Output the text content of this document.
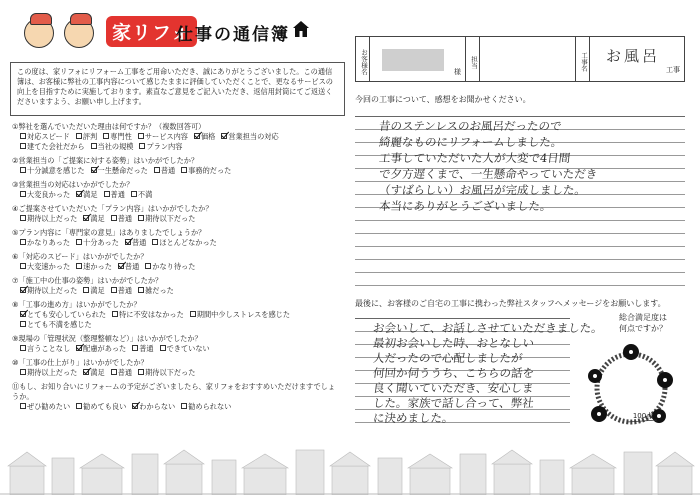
家リフォ
仕事の通信簿
この度は、家リフォにリフォーム工事をご用命いただき、誠にありがとうございました。この通信簿は、お客様に弊社の工事内容について感じたままに評価していただくことで、更なるサービスの向上を目指すために実施しております。素直なご意見をご記入いただき、返信用封筒にてご返送くださいますよう、お願い申し上げます。
①弊社を選んでいただいた理由は何ですか？（複数回答可）
対応スピード 評判 専門性 サービス内容 価格 営業担当の対応建てた会社だから 当社の規模 プラン内容
②営業担当の「ご提案に対する姿勢」はいかがでしたか？
十分誠意を感じた 一生懸命だった 普通 事務的だった
③営業担当の対応はいかがでしたか？
大変良かった 満足 普通 不満
④ご提案させていただいた「プラン内容」はいかがでしたか？
期待以上だった 満足 普通 期待以下だった
⑤プラン内容に「専門家の意見」はありましたでしょうか？
かなりあった 十分あった 普通 ほとんどなかった
⑥「対応のスピード」はいかがでしたか？
大変速かった 速かった 普通 かなり待った
⑦「施工中の仕事の姿勢」はいかがでしたか？
期待以上だった 満足 普通 雑だった
⑧「工事の進め方」はいかがでしたか？
とても安心していられた 特に不安はなかった 期間中少しストレスを感じたとても不満を感じた
⑨現場の「管理状況（整理整頓など）」はいかがでしたか？
言うことなし 配慮があった 普通 できていない
⑩「工事の仕上がり」はいかがでしたか？
期待以上だった 満足 普通 期待以下だった
⑪もし、お知り合いにリフォームの予定がございましたら、家リフォをおすすめいただけますでしょうか。
ぜひ勧めたい 勧めても良い わからない 勧められない
お客様名	様
担当	工事名 お風呂
工事
今回の工事について、感想をお聞かせください。
昔のステンレスのお風呂だったので
綺麗なものにリフォームしました。
工事していただいた人が大変で4日間
で夕方遅くまで、一生懸命やっていただき
（すばらしい）お風呂が完成しました。
本当にありがとうございました。
最後に、お客様のご自宅の工事に携わった弊社スタッフへメッセージをお願いします。
お会いして、お話しさせていただきました。
最初お会いした時、おとなしい
人だったので心配しましたが
何回か伺ううち、こちらの話を
良く聞いていただき、安心しま
した。家族で話し合って、弊社
に決めました。
総合満足度は
何点ですか？
100点
